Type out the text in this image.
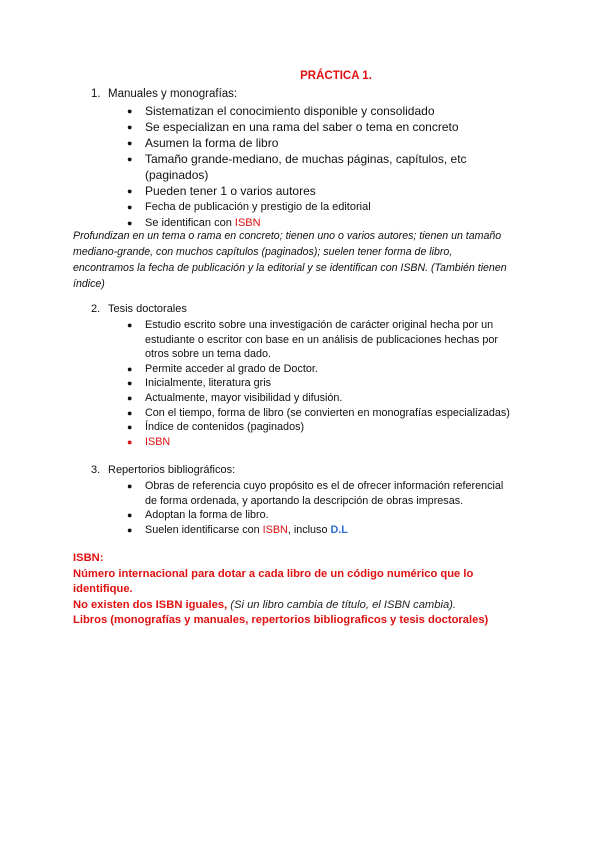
PRÁCTICA 1.
1. Manuales y monografías:
● Sistematizan el conocimiento disponible y consolidado
● Se especializan en una rama del saber o tema en concreto
● Asumen la forma de libro
● Tamaño grande-mediano, de muchas páginas, capítulos, etc
(paginados)
● Pueden tener 1 o varios autores
● Fecha de publicación y prestigio de la editorial
● Se identifican con ISBN
Profundizan en un tema o rama en concreto; tienen uno o varios autores; tienen un tamaño
mediano-grande, con muchos capítulos (paginados); suelen tener forma de libro,
encontramos la fecha de publicación y la editorial y se identifican con ISBN. (También tienen
índice)
2. Tesis doctorales
● Estudio escrito sobre una investigación de carácter original hecha por un
estudiante o escritor con base en un análisis de publicaciones hechas por
otros sobre un tema dado.
● Permite acceder al grado de Doctor.
● Inicialmente, literatura gris
● Actualmente, mayor visibilidad y difusión.
● Con el tiempo, forma de libro (se convierten en monografías especializadas)
● Índice de contenidos (paginados)
● ISBN
3. Repertorios bibliográficos:
● Obras de referencia cuyo propósito es el de ofrecer información referencial
de forma ordenada, y aportando la descripción de obras impresas.
● Adoptan la forma de libro.
● Suelen identificarse con ISBN, incluso D.L
ISBN:
Número internacional para dotar a cada libro de un código numérico que lo
identifique.
No existen dos ISBN iguales, (Si un libro cambia de título, el ISBN cambia).
Libros (monografías y manuales, repertorios bibliograficos y tesis doctorales)
